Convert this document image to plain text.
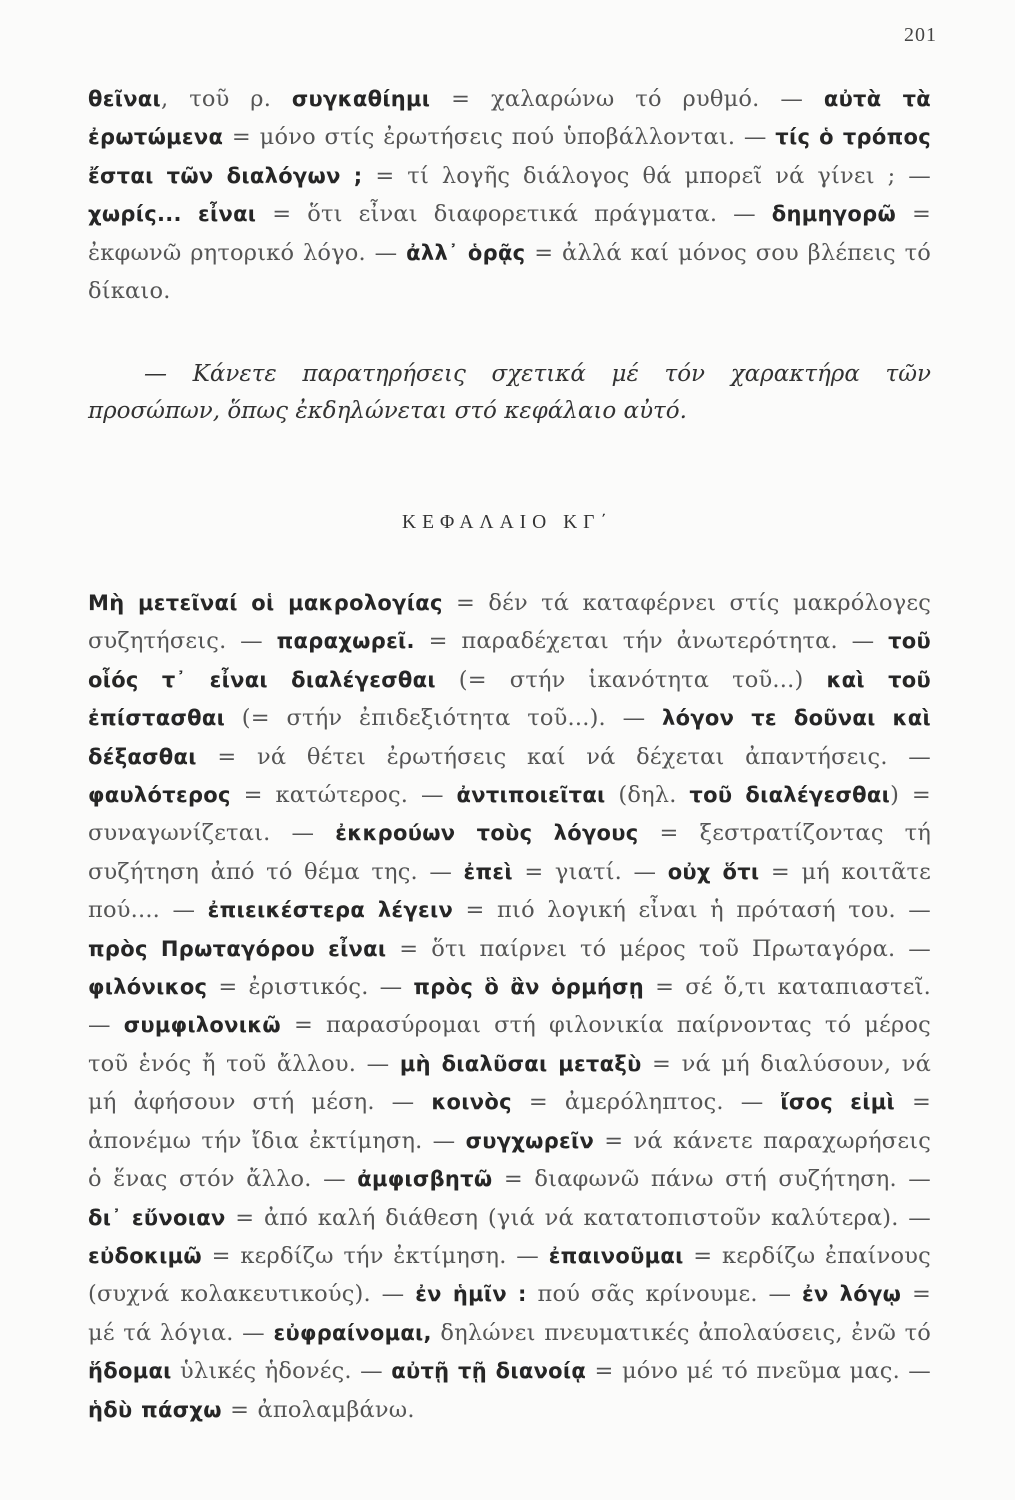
201

θεῖναι, τοῦ ρ. συγκαθίημι = χαλαρώνω τό ρυθμό. — αὐτὰ τὰ ἐρωτώμενα = μόνο στίς ἐρωτήσεις πού ὑποβάλλονται. — τίς ὁ τρόπος ἔσται τῶν διαλόγων ; = τί λογῆς διάλογος θά μπορεῖ νά γίνει ; — χωρίς... εἶναι = ὅτι εἶναι διαφορετικά πράγματα. — δημηγορῶ = ἐκφωνῶ ρητορικό λόγο. — ἀλλ᾽ ὁρᾷς = ἀλλά καί μόνος σου βλέπεις τό δίκαιο.

— Κάνετε παρατηρήσεις σχετικά μέ τόν χαρακτήρα τῶν προσώπων, ὅπως ἐκδηλώνεται στό κεφάλαιο αὐτό.

ΚΕΦΑΛΑΙΟ ΚΓ΄

Μὴ μετεῖναί οἱ μακρολογίας = δέν τά καταφέρνει στίς μακρόλογες συζητήσεις. — παραχωρεῖ. = παραδέχεται τήν ἀνωτερότητα. — τοῦ οἷός τ᾽ εἶναι διαλέγεσθαι (= στήν ἱκανότητα τοῦ...) καὶ τοῦ ἐπίστασθαι (= στήν ἐπιδεξιότητα τοῦ...). — λόγον τε δοῦναι καὶ δέξασθαι = νά θέτει ἐρωτήσεις καί νά δέχεται ἀπαντήσεις. — φαυλότερος = κατώτερος. — ἀντιποιεῖται (δηλ. τοῦ διαλέγεσθαι) = συναγωνίζεται. — ἐκκρούων τοὺς λόγους = ξεστρατίζοντας τή συζήτηση ἀπό τό θέμα της. — ἐπεὶ = γιατί. — οὐχ ὅτι = μή κοιτᾶτε πού.... — ἐπιεικέστερα λέγειν = πιό λογική εἶναι ἡ πρότασή του. — πρὸς Πρωταγόρου εἶναι = ὅτι παίρνει τό μέρος τοῦ Πρωταγόρα. — φιλόνικος = ἐριστικός. — πρὸς ὃ ἂν ὁρμήσῃ = σέ ὅ,τι καταπιαστεῖ. — συμφιλονικῶ = παρασύρομαι στή φιλονικία παίρνοντας τό μέρος τοῦ ἑνός ἤ τοῦ ἄλλου. — μὴ διαλῦσαι μεταξὺ = νά μή διαλύσουν, νά μή ἀφήσουν στή μέση. — κοινὸς = ἀμερόληπτος. — ἴσος εἰμὶ = ἀπονέμω τήν ἴδια ἐκτίμηση. — συγχωρεῖν = νά κάνετε παραχωρήσεις ὁ ἕνας στόν ἄλλο. — ἀμφισβητῶ = διαφωνῶ πάνω στή συζήτηση. — δι᾽ εὔνοιαν = ἀπό καλή διάθεση (γιά νά κατατοπιστοῦν καλύτερα). — εὐδοκιμῶ = κερδίζω τήν ἐκτίμηση. — ἐπαινοῦμαι = κερδίζω ἐπαίνους (συχνά κολακευτικούς). — ἐν ἡμῖν : πού σᾶς κρίνουμε. — ἐν λόγῳ = μέ τά λόγια. — εὐφραίνομαι, δηλώνει πνευματικές ἀπολαύσεις, ἐνῶ τό ἥδομαι ὑλικές ἡδονές. — αὐτῇ τῇ διανοίᾳ = μόνο μέ τό πνεῦμα μας. — ἡδὺ πάσχω = ἀπολαμβάνω.
